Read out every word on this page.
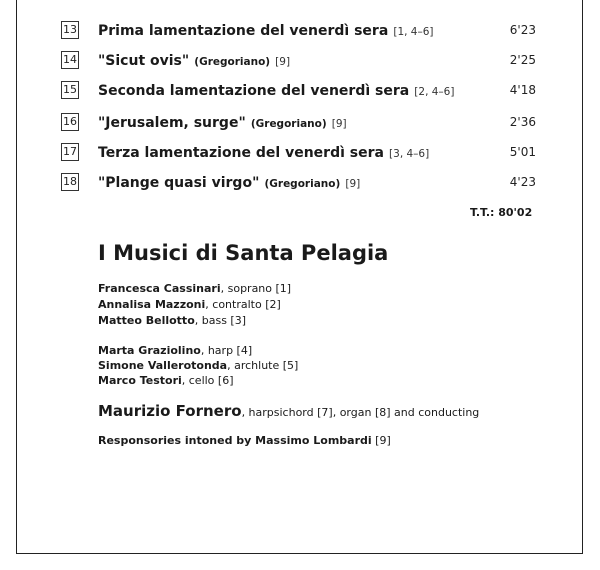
13 Prima lamentazione del venerdì sera [1, 4–6]	6'23
14 "Sicut ovis" (Gregoriano) [9]	2'25
15 Seconda lamentazione del venerdì sera [2, 4–6]	4'18
16 "Jerusalem, surge" (Gregoriano) [9]	2'36
17 Terza lamentazione del venerdì sera [3, 4–6]	5'01
18 "Plange quasi virgo" (Gregoriano) [9]	4'23
T.T.: 80'02
I Musici di Santa Pelagia
Francesca Cassinari, soprano [1]
Annalisa Mazzoni, contralto [2]
Matteo Bellotto, bass [3]
Marta Graziolino, harp [4]
Simone Vallerotonda, archlute [5]
Marco Testori, cello [6]
Maurizio Fornero, harpsichord [7], organ [8] and conducting
Responsories intoned by Massimo Lombardi [9]
